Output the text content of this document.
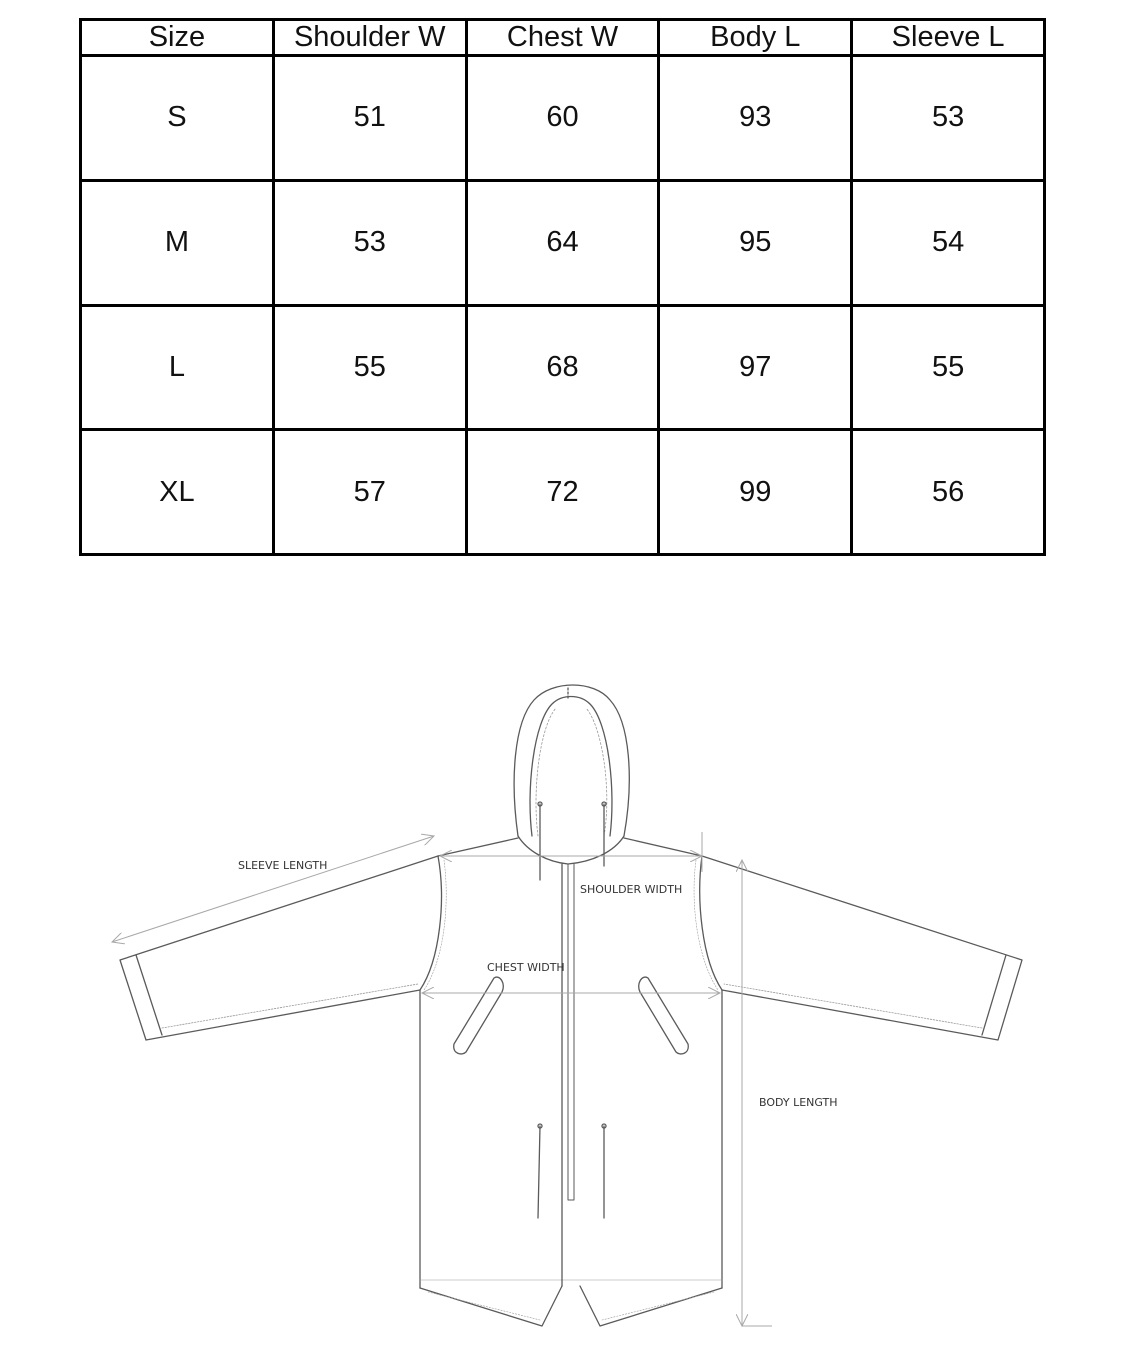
Size	Shoulder W	Chest W	Body L	Sleeve L
S	51	60	93	53
M	53	64	95	54
L	55	68	97	55
XL	57	72	99	56
SLEEVE LENGTH
SHOULDER WIDTH
CHEST WIDTH
BODY LENGTH
